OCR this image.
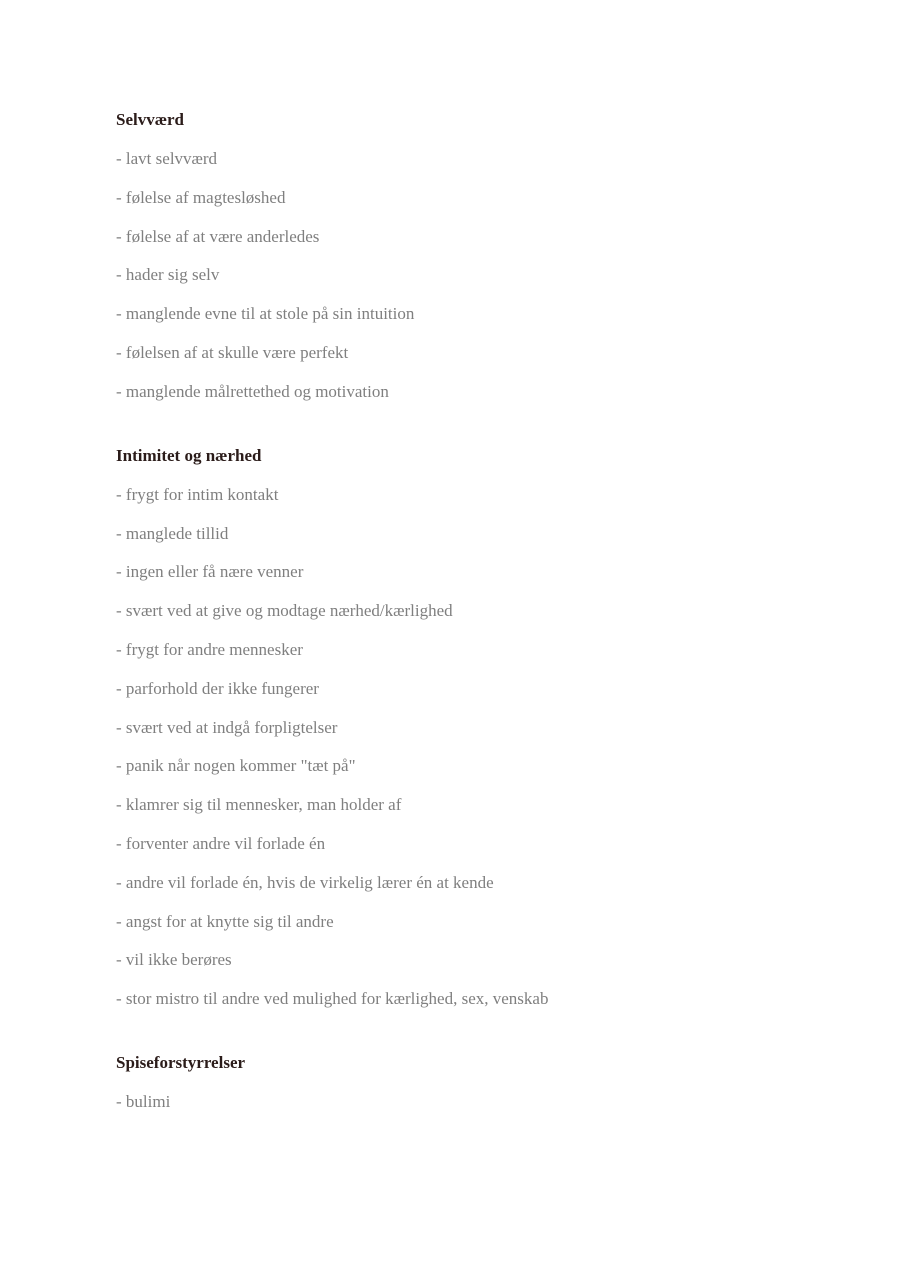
Selvværd
- lavt selvværd
- følelse af magtesløshed
- følelse af at være anderledes
- hader sig selv
- manglende evne til at stole på sin intuition
- følelsen af at skulle være perfekt
- manglende målrettethed og motivation
Intimitet og nærhed
- frygt for intim kontakt
- manglede tillid
- ingen eller få nære venner
- svært ved at give og modtage nærhed/kærlighed
- frygt for andre mennesker
- parforhold der ikke fungerer
- svært ved at indgå forpligtelser
- panik når nogen kommer "tæt på"
- klamrer sig til mennesker, man holder af
- forventer andre vil forlade én
- andre vil forlade én, hvis de virkelig lærer én at kende
- angst for at knytte sig til andre
- vil ikke berøres
- stor mistro til andre ved mulighed for kærlighed, sex, venskab
Spiseforstyrrelser
- bulimi
